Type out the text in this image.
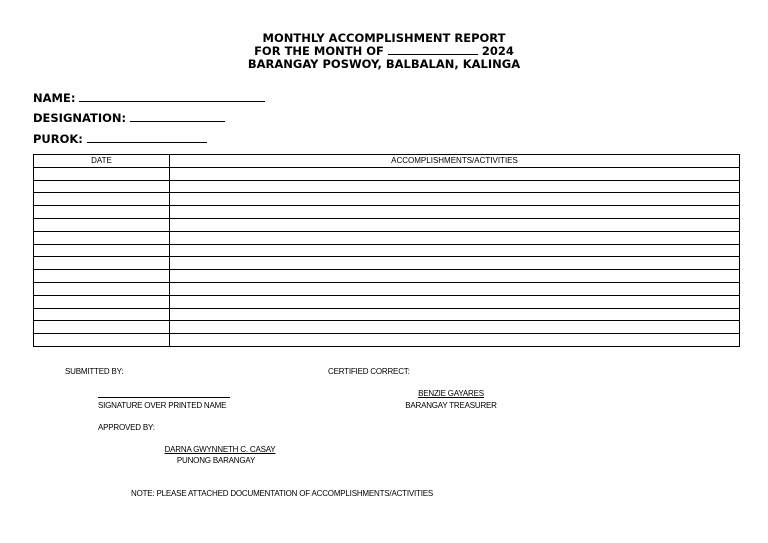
MONTHLY ACCOMPLISHMENT REPORT
FOR THE MONTH OF	2024
BARANGAY POSWOY, BALBALAN, KALINGA
NAME:
DESIGNATION:
PUROK:
DATE	ACCOMPLISHMENTS/ACTIVITIES

SUBMITTED BY:
SIGNATURE OVER PRINTED NAME
CERTIFIED CORRECT:
BENZIE GAYARES
BARANGAY TREASURER
APPROVED BY:
DARNA GWYNNETH C. CASAY
PUNONG BARANGAY
NOTE: PLEASE ATTACHED DOCUMENTATION OF ACCOMPLISHMENTS/ACTIVITIES
